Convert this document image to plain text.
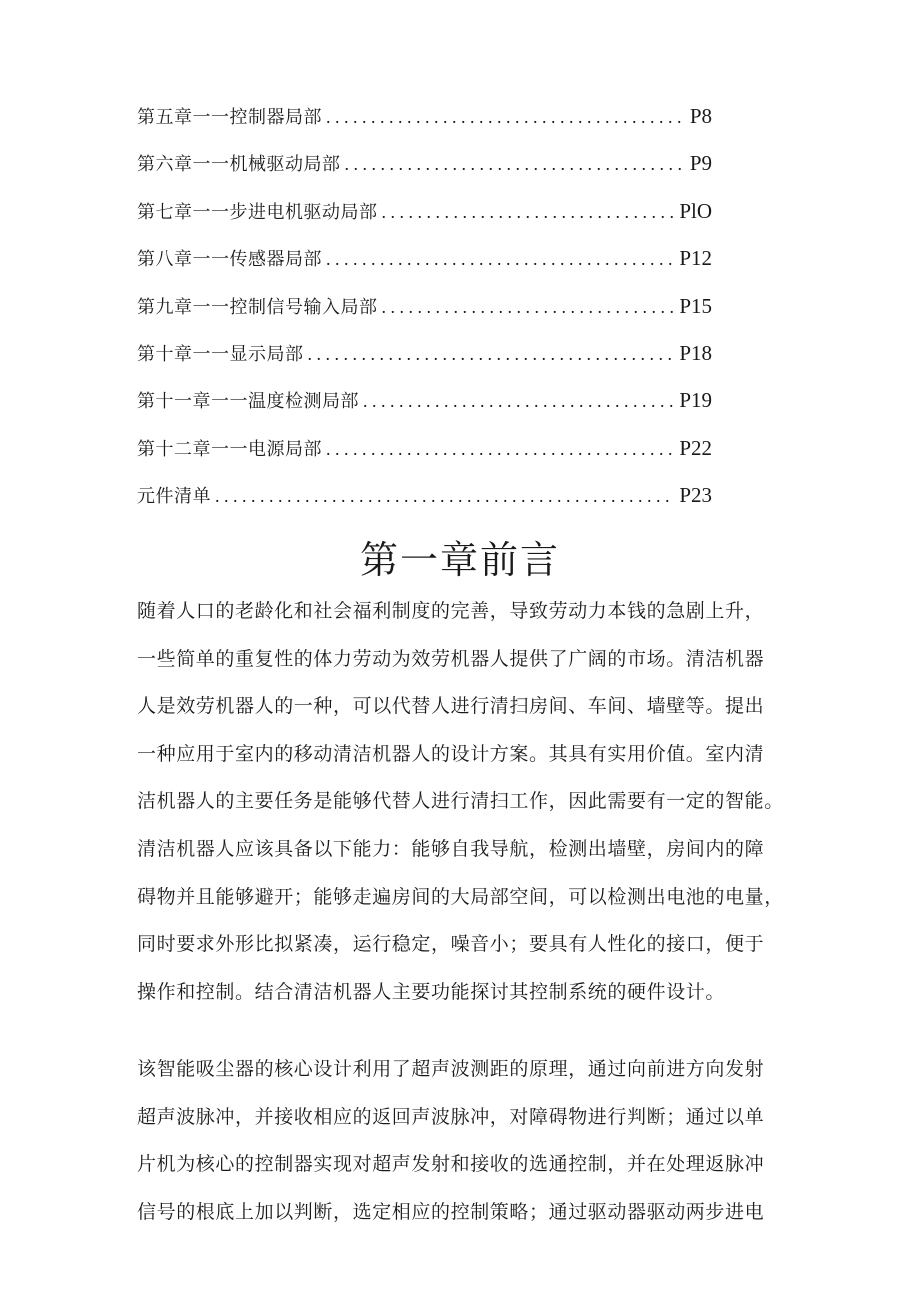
第五章一一控制器局部 . . .	P8
第六章一一机械驱动局部 . . .	P9
第七章一一步进电机驱动局部 . . .	PlO
第八章一一传感器局部 . . .	P12
第九章一一控制信号输入局部 . . .	P15
第十章一一显示局部 . . .	P18
第十一章一一温度检测局部 . . .	P19
第十二章一一电源局部 . . .	P22
元件清单 . . .	P23
第一章前言

随着人口的老龄化和社会福利制度的完善，导致劳动力本钱的急剧上升，
一些简单的重复性的体力劳动为效劳机器人提供了广阔的市场。清洁机器
人是效劳机器人的一种，可以代替人进行清扫房间、车间、墙壁等。提出
一种应用于室内的移动清洁机器人的设计方案。其具有实用价值。室内清
洁机器人的主要任务是能够代替人进行清扫工作，因此需要有一定的智能。
清洁机器人应该具备以下能力：能够自我导航，检测出墙壁，房间内的障
碍物并且能够避开；能够走遍房间的大局部空间，可以检测出电池的电量，
同时要求外形比拟紧凑，运行稳定，噪音小；要具有人性化的接口，便于
操作和控制。结合清洁机器人主要功能探讨其控制系统的硬件设计。

该智能吸尘器的核心设计利用了超声波测距的原理，通过向前进方向发射
超声波脉冲，并接收相应的返回声波脉冲，对障碍物进行判断；通过以单
片机为核心的控制器实现对超声发射和接收的选通控制，并在处理返脉冲
信号的根底上加以判断，选定相应的控制策略；通过驱动器驱动两步进电
